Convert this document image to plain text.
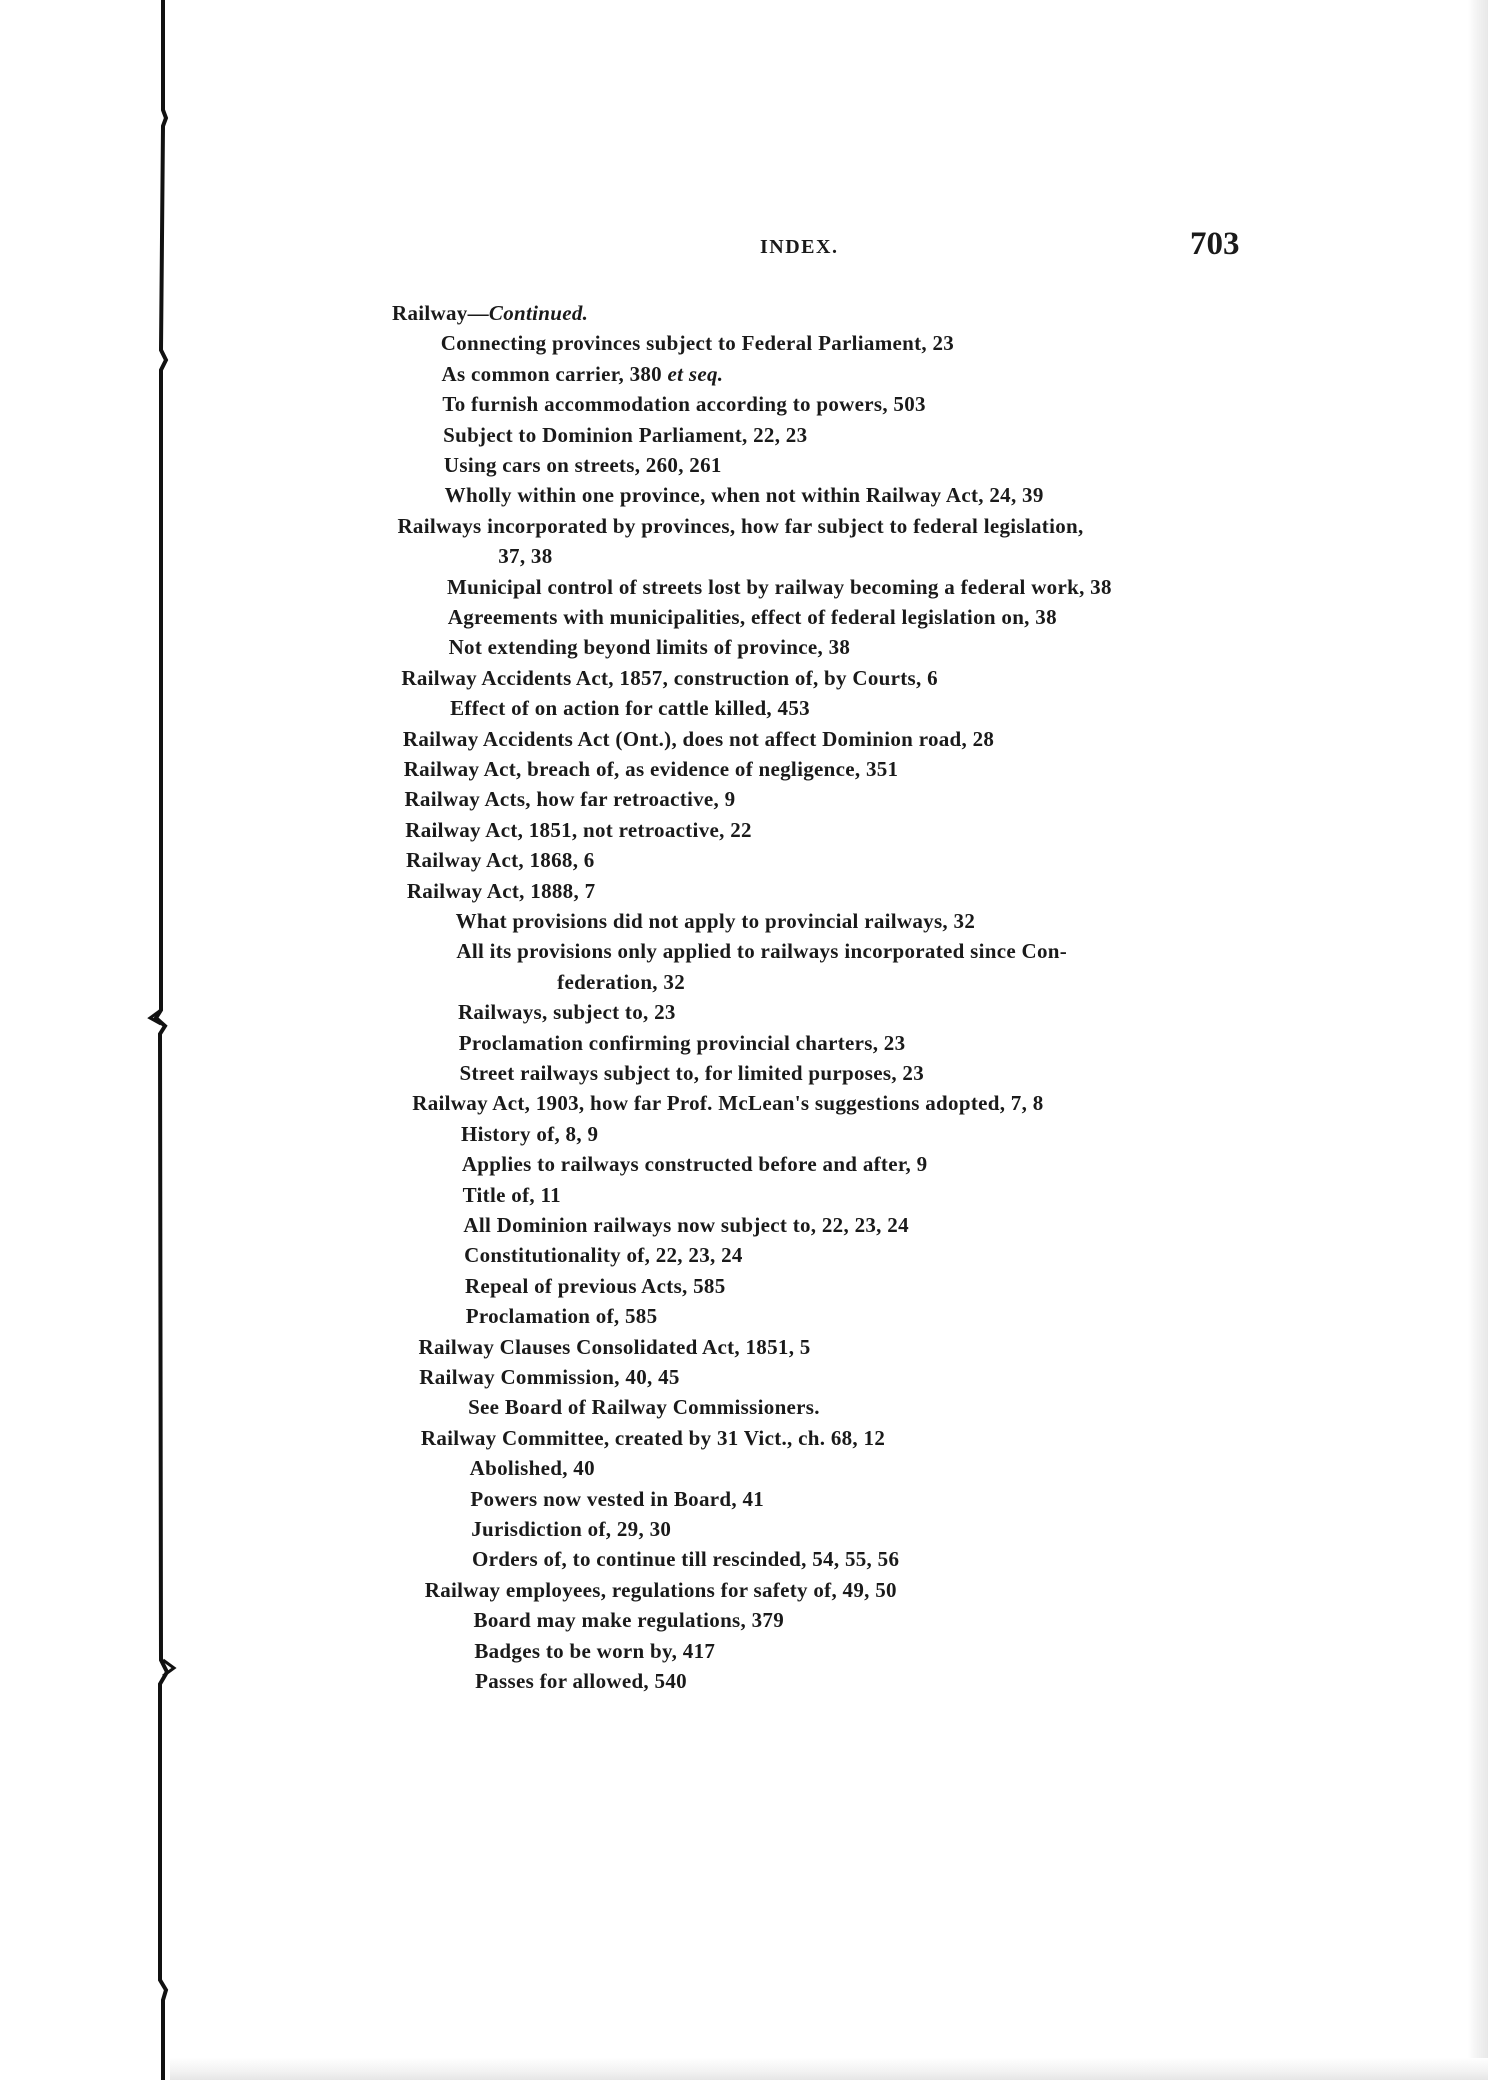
INDEX.	703
Railway—Continued.
Connecting provinces subject to Federal Parliament, 23
As common carrier, 380 et seq.
To furnish accommodation according to powers, 503
Subject to Dominion Parliament, 22, 23
Using cars on streets, 260, 261
Wholly within one province, when not within Railway Act, 24, 39
Railways incorporated by provinces, how far subject to federal legislation,
37, 38
Municipal control of streets lost by railway becoming a federal work, 38
Agreements with municipalities, effect of federal legislation on, 38
Not extending beyond limits of province, 38
Railway Accidents Act, 1857, construction of, by Courts, 6
Effect of on action for cattle killed, 453
Railway Accidents Act (Ont.), does not affect Dominion road, 28
Railway Act, breach of, as evidence of negligence, 351
Railway Acts, how far retroactive, 9
Railway Act, 1851, not retroactive, 22
Railway Act, 1868, 6
Railway Act, 1888, 7
What provisions did not apply to provincial railways, 32
All its provisions only applied to railways incorporated since Con-
federation, 32
Railways, subject to, 23
Proclamation confirming provincial charters, 23
Street railways subject to, for limited purposes, 23
Railway Act, 1903, how far Prof. McLean's suggestions adopted, 7, 8
History of, 8, 9
Applies to railways constructed before and after, 9
Title of, 11
All Dominion railways now subject to, 22, 23, 24
Constitutionality of, 22, 23, 24
Repeal of previous Acts, 585
Proclamation of, 585
Railway Clauses Consolidated Act, 1851, 5
Railway Commission, 40, 45
See Board of Railway Commissioners.
Railway Committee, created by 31 Vict., ch. 68, 12
Abolished, 40
Powers now vested in Board, 41
Jurisdiction of, 29, 30
Orders of, to continue till rescinded, 54, 55, 56
Railway employees, regulations for safety of, 49, 50
Board may make regulations, 379
Badges to be worn by, 417
Passes for allowed, 540
